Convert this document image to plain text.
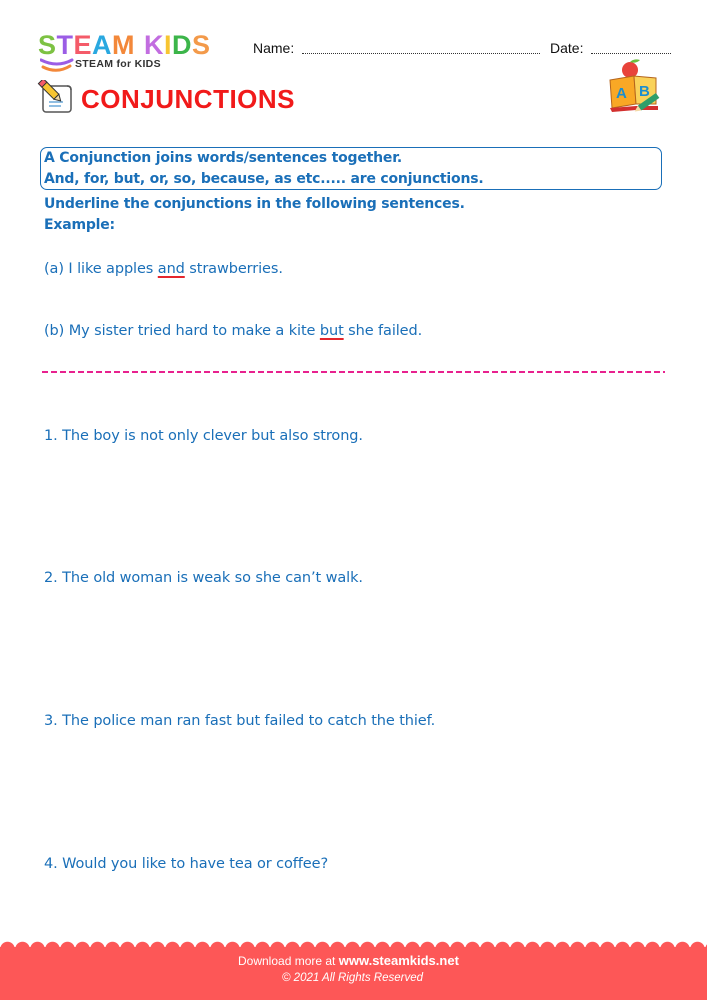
STEAM KIDS
STEAM for KIDS
Name:	Date:
CONJUNCTIONS	A B
A Conjunction joins words/sentences together.
And, for, but, or, so, because, as etc..... are conjunctions.
Underline the conjunctions in the following sentences.
Example:
(a) I like apples and strawberries.
(b) My sister tried hard to make a kite but she failed.
1. The boy is not only clever but also strong.
2. The old woman is weak so she can’t walk.
3. The police man ran fast but failed to catch the thief.
4. Would you like to have tea or coffee?
Download more at www.steamkids.net
© 2021 All Rights Reserved
